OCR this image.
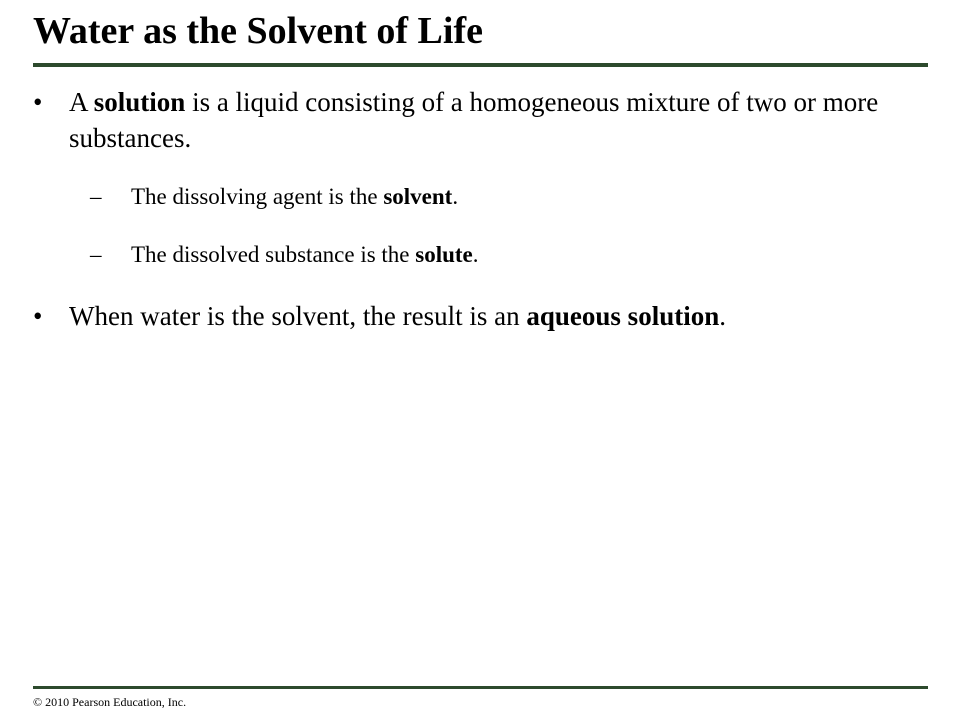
Water as the Solvent of Life
• A solution is a liquid consisting of a homogeneous mixture of two or more substances.
– The dissolving agent is the solvent.
– The dissolved substance is the solute.
• When water is the solvent, the result is an aqueous solution.
© 2010 Pearson Education, Inc.
